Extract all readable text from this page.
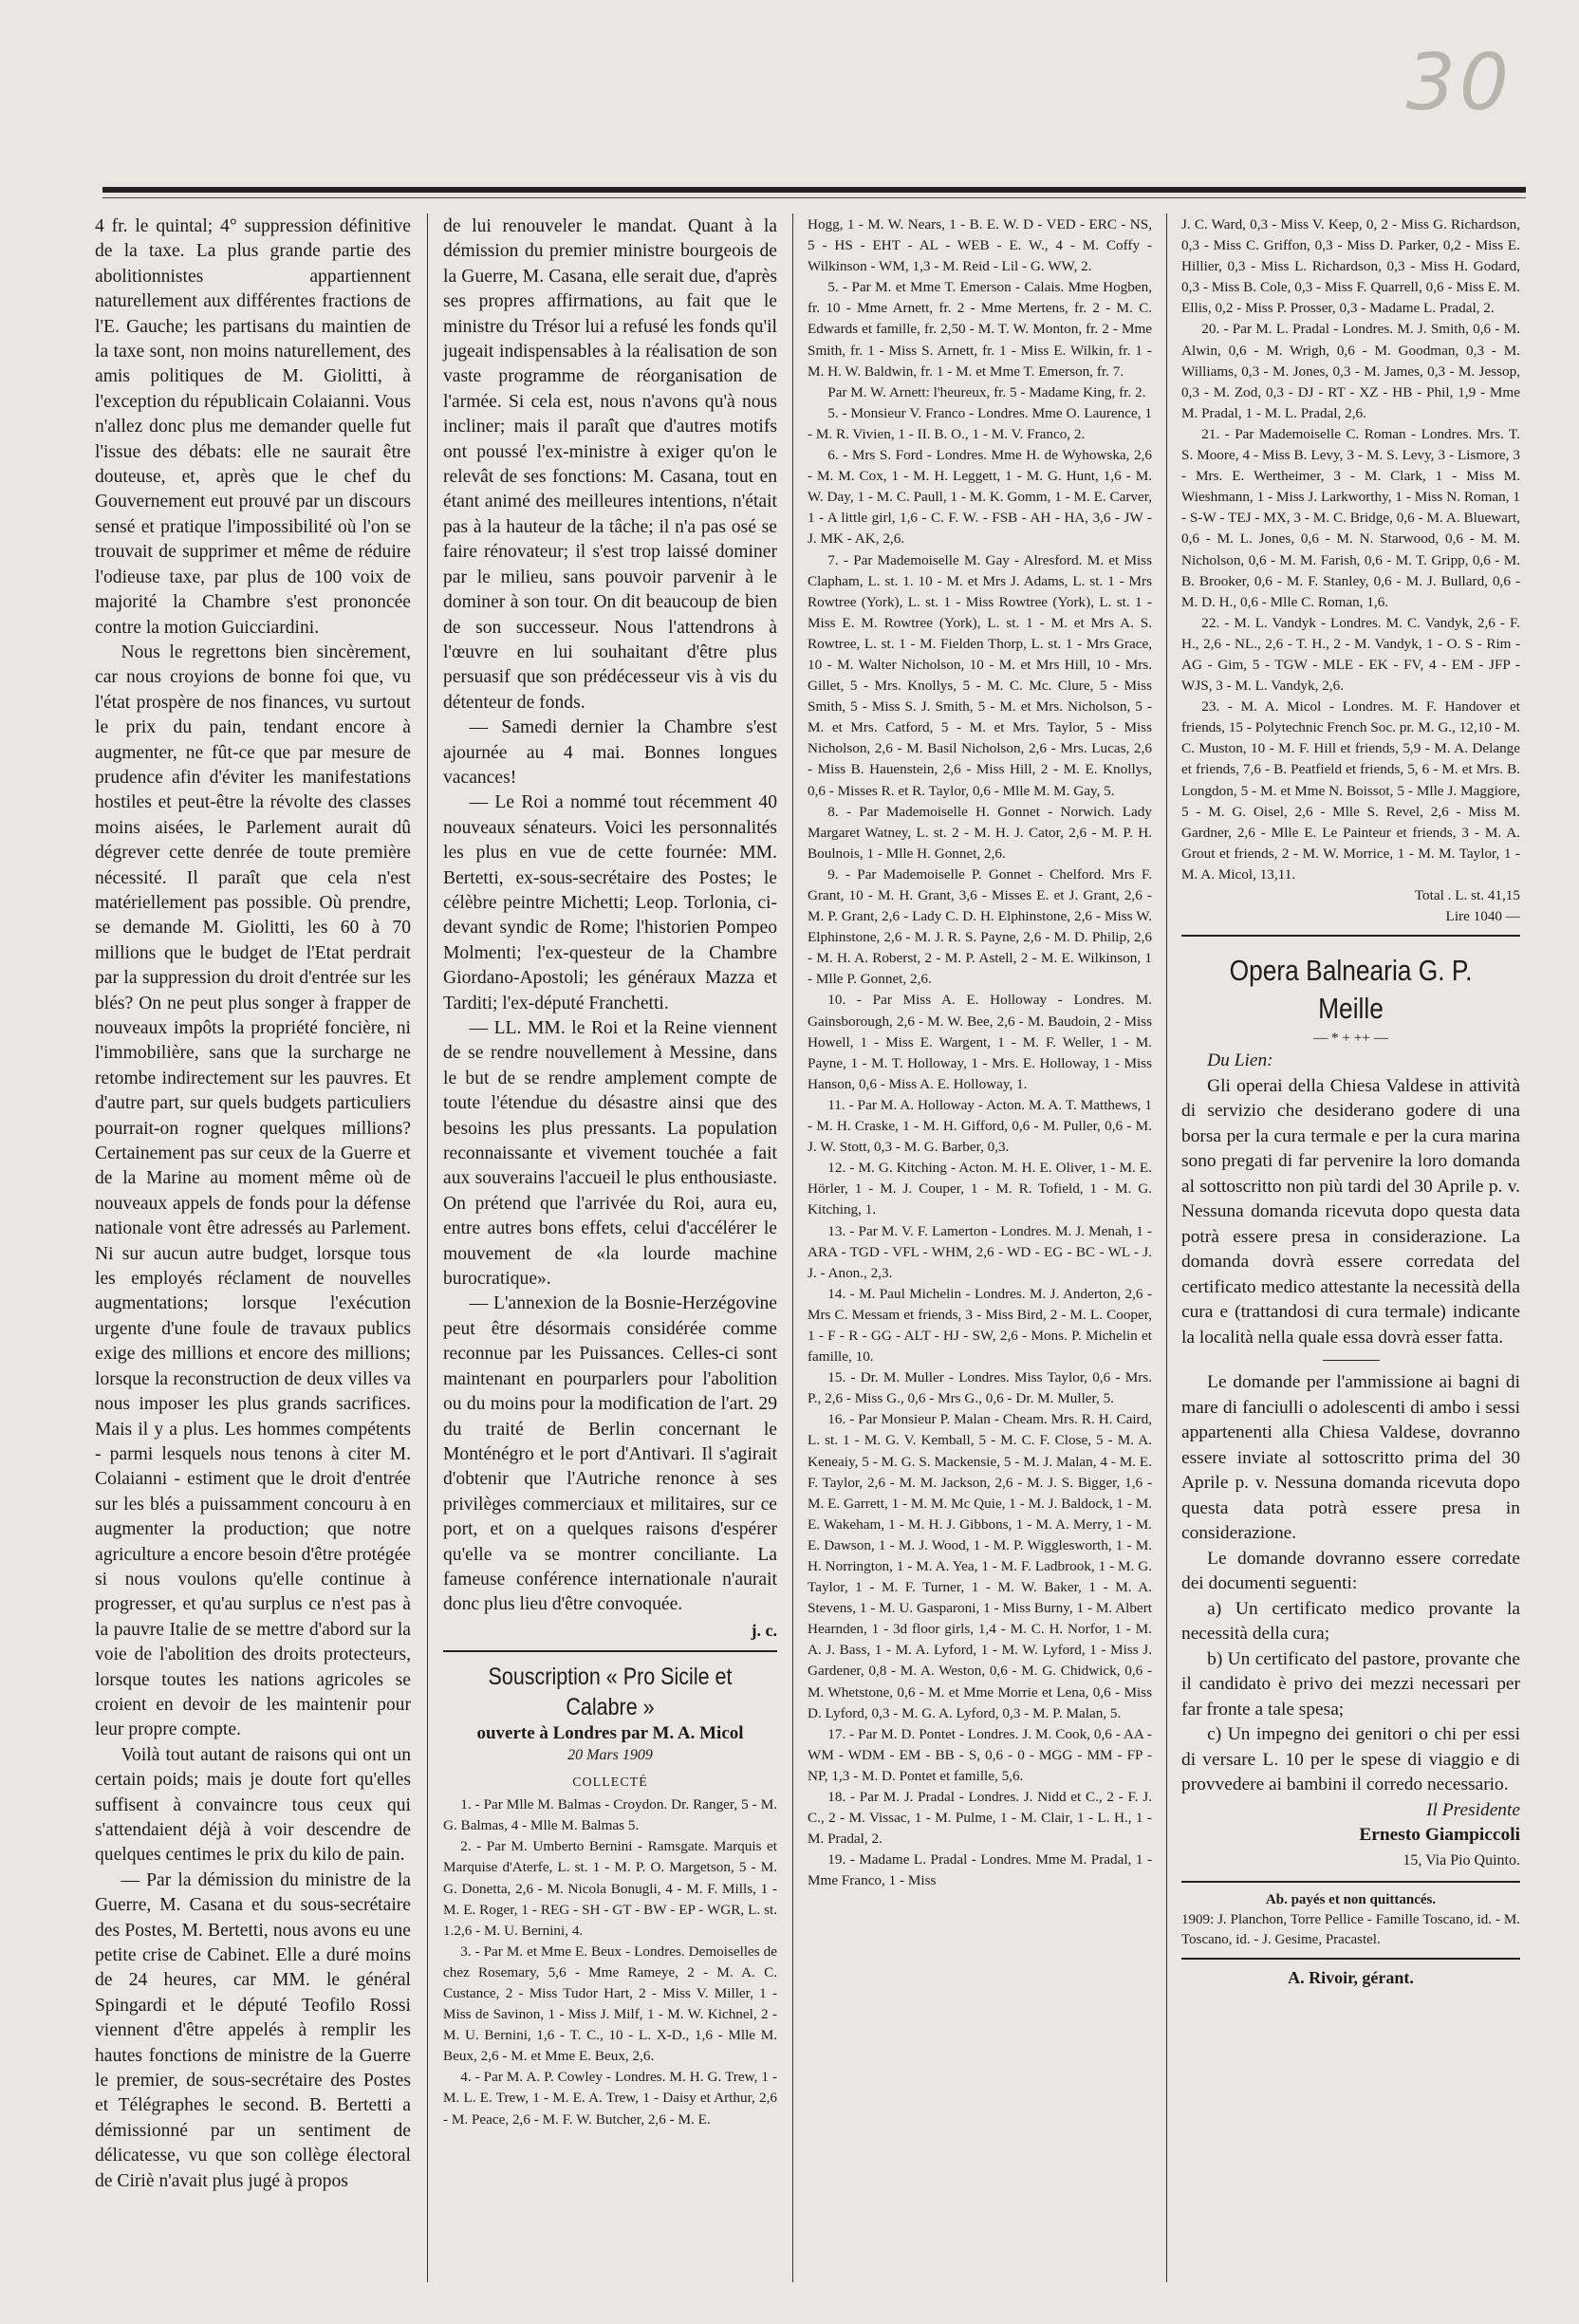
30

4 fr. le quintal; 4° suppression définitive de la taxe. La plus grande partie des abolitionnistes appartiennent naturellement aux différentes fractions de l'E. Gauche; les partisans du maintien de la taxe sont, non moins naturellement, des amis politiques de M. Giolitti, à l'exception du républicain Colaianni. Vous n'allez donc plus me demander quelle fut l'issue des débats: elle ne saurait être douteuse, et, après que le chef du Gouvernement eut prouvé par un discours sensé et pratique l'impossibilité où l'on se trouvait de supprimer et même de réduire l'odieuse taxe, par plus de 100 voix de majorité la Chambre s'est prononcée contre la motion Guicciardini.

Nous le regrettons bien sincèrement, car nous croyions de bonne foi que, vu l'état prospère de nos finances, vu surtout le prix du pain, tendant encore à augmenter, ne fût-ce que par mesure de prudence afin d'éviter les manifestations hostiles et peut-être la révolte des classes moins aisées, le Parlement aurait dû dégrever cette denrée de toute première nécessité. Il paraît que cela n'est matériellement pas possible. Où prendre, se demande M. Giolitti, les 60 à 70 millions que le budget de l'Etat perdrait par la suppression du droit d'entrée sur les blés? On ne peut plus songer à frapper de nouveaux impôts la propriété foncière, ni l'immobilière, sans que la surcharge ne retombe indirectement sur les pauvres. Et d'autre part, sur quels budgets particuliers pourrait-on rogner quelques millions? Certainement pas sur ceux de la Guerre et de la Marine au moment même où de nouveaux appels de fonds pour la défense nationale vont être adressés au Parlement. Ni sur aucun autre budget, lorsque tous les employés réclament de nouvelles augmentations; lorsque l'exécution urgente d'une foule de travaux publics exige des millions et encore des millions; lorsque la reconstruction de deux villes va nous imposer les plus grands sacrifices. Mais il y a plus. Les hommes compétents - parmi lesquels nous tenons à citer M. Colaianni - estiment que le droit d'entrée sur les blés a puissamment concouru à en augmenter la production; que notre agriculture a encore besoin d'être protégée si nous voulons qu'elle continue à progresser, et qu'au surplus ce n'est pas à la pauvre Italie de se mettre d'abord sur la voie de l'abolition des droits protecteurs, lorsque toutes les nations agricoles se croient en devoir de les maintenir pour leur propre compte.

Voilà tout autant de raisons qui ont un certain poids; mais je doute fort qu'elles suffisent à convaincre tous ceux qui s'attendaient déjà à voir descendre de quelques centimes le prix du kilo de pain.

— Par la démission du ministre de la Guerre, M. Casana et du sous-secrétaire des Postes, M. Bertetti, nous avons eu une petite crise de Cabinet. Elle a duré moins de 24 heures, car MM. le général Spingardi et le député Teofilo Rossi viennent d'être appelés à remplir les hautes fonctions de ministre de la Guerre le premier, de sous-secrétaire des Postes et Télégraphes le second. B. Bertetti a démissionné par un sentiment de délicatesse, vu que son collège électoral de Ciriè n'avait plus jugé à propos

de lui renouveler le mandat. Quant à la démission du premier ministre bourgeois de la Guerre, M. Casana, elle serait due, d'après ses propres affirmations, au fait que le ministre du Trésor lui a refusé les fonds qu'il jugeait indispensables à la réalisation de son vaste programme de réorganisation de l'armée. Si cela est, nous n'avons qu'à nous incliner; mais il paraît que d'autres motifs ont poussé l'ex-ministre à exiger qu'on le relevât de ses fonctions: M. Casana, tout en étant animé des meilleures intentions, n'était pas à la hauteur de la tâche; il n'a pas osé se faire rénovateur; il s'est trop laissé dominer par le milieu, sans pouvoir parvenir à le dominer à son tour. On dit beaucoup de bien de son successeur. Nous l'attendrons à l'œuvre en lui souhaitant d'être plus persuasif que son prédécesseur vis à vis du détenteur de fonds.

— Samedi dernier la Chambre s'est ajournée au 4 mai. Bonnes longues vacances!

— Le Roi a nommé tout récemment 40 nouveaux sénateurs. Voici les personnalités les plus en vue de cette fournée: MM. Bertetti, ex-sous-secrétaire des Postes; le célèbre peintre Michetti; Leop. Torlonia, ci-devant syndic de Rome; l'historien Pompeo Molmenti; l'ex-questeur de la Chambre Giordano-Apostoli; les généraux Mazza et Tarditi; l'ex-député Franchetti.

— LL. MM. le Roi et la Reine viennent de se rendre nouvellement à Messine, dans le but de se rendre amplement compte de toute l'étendue du désastre ainsi que des besoins les plus pressants. La population reconnaissante et vivement touchée a fait aux souverains l'accueil le plus enthousiaste. On prétend que l'arrivée du Roi, aura eu, entre autres bons effets, celui d'accélérer le mouvement de «la lourde machine burocratique».

— L'annexion de la Bosnie-Herzégovine peut être désormais considérée comme reconnue par les Puissances. Celles-ci sont maintenant en pourparlers pour l'abolition ou du moins pour la modification de l'art. 29 du traité de Berlin concernant le Monténégro et le port d'Antivari. Il s'agirait d'obtenir que l'Autriche renonce à ses privilèges commerciaux et militaires, sur ce port, et on a quelques raisons d'espérer qu'elle va se montrer conciliante. La fameuse conférence internationale n'aurait donc plus lieu d'être convoquée.

j. c.
Souscription « Pro Sicile et Calabre »
ouverte à Londres par M. A. Micol
20 Mars 1909
COLLECTÉ

1. - Par Mlle M. Balmas - Croydon. Dr. Ranger, 5 - M. G. Balmas, 4 - Mlle M. Balmas 5.

2. - Par M. Umberto Bernini - Ramsgate. Marquis et Marquise d'Aterfe, L. st. 1 - M. P. O. Margetson, 5 - M. G. Donetta, 2,6 - M. Nicola Bonugli, 4 - M. F. Mills, 1 - M. E. Roger, 1 - REG - SH - GT - BW - EP - WGR, L. st. 1.2,6 - M. U. Bernini, 4.

3. - Par M. et Mme E. Beux - Londres. Demoiselles de chez Rosemary, 5,6 - Mme Rameye, 2 - M. A. C. Custance, 2 - Miss Tudor Hart, 2 - Miss V. Miller, 1 - Miss de Savinon, 1 - Miss J. Milf, 1 - M. W. Kichnel, 2 - M. U. Bernini, 1,6 - T. C., 10 - L. X-D., 1,6 - Mlle M. Beux, 2,6 - M. et Mme E. Beux, 2,6.

4. - Par M. A. P. Cowley - Londres. M. H. G. Trew, 1 - M. L. E. Trew, 1 - M. E. A. Trew, 1 - Daisy et Arthur, 2,6 - M. Peace, 2,6 - M. F. W. Butcher, 2,6 - M. E.

Hogg, 1 - M. W. Nears, 1 - B. E. W. D - VED - ERC - NS, 5 - HS - EHT - AL - WEB - E. W., 4 - M. Coffy - Wilkinson - WM, 1,3 - M. Reid - Lil - G. WW, 2.

5. - Par M. et Mme T. Emerson - Calais. Mme Hogben, fr. 10 - Mme Arnett, fr. 2 - Mme Mertens, fr. 2 - M. C. Edwards et famille, fr. 2,50 - M. T. W. Monton, fr. 2 - Mme Smith, fr. 1 - Miss S. Arnett, fr. 1 - Miss E. Wilkin, fr. 1 - M. H. W. Baldwin, fr. 1 - M. et Mme T. Emerson, fr. 7.

Par M. W. Arnett: l'heureux, fr. 5 - Madame King, fr. 2.

5. - Monsieur V. Franco - Londres. Mme O. Laurence, 1 - M. R. Vivien, 1 - II. B. O., 1 - M. V. Franco, 2.

6. - Mrs S. Ford - Londres. Mme H. de Wyhowska, 2,6 - M. M. Cox, 1 - M. H. Leggett, 1 - M. G. Hunt, 1,6 - M. W. Day, 1 - M. C. Paull, 1 - M. K. Gomm, 1 - M. E. Carver, 1 - A little girl, 1,6 - C. F. W. - FSB - AH - HA, 3,6 - JW - J. MK - AK, 2,6.

7. - Par Mademoiselle M. Gay - Alresford. M. et Miss Clapham, L. st. 1. 10 - M. et Mrs J. Adams, L. st. 1 - Mrs Rowtree (York), L. st. 1 - Miss Rowtree (York), L. st. 1 - Miss E. M. Rowtree (York), L. st. 1 - M. et Mrs A. S. Rowtree, L. st. 1 - M. Fielden Thorp, L. st. 1 - Mrs Grace, 10 - M. Walter Nicholson, 10 - M. et Mrs Hill, 10 - Mrs. Gillet, 5 - Mrs. Knollys, 5 - M. C. Mc. Clure, 5 - Miss Smith, 5 - Miss S. J. Smith, 5 - M. et Mrs. Nicholson, 5 - M. et Mrs. Catford, 5 - M. et Mrs. Taylor, 5 - Miss Nicholson, 2,6 - M. Basil Nicholson, 2,6 - Mrs. Lucas, 2,6 - Miss B. Hauenstein, 2,6 - Miss Hill, 2 - M. E. Knollys, 0,6 - Misses R. et R. Taylor, 0,6 - Mlle M. M. Gay, 5.

8. - Par Mademoiselle H. Gonnet - Norwich. Lady Margaret Watney, L. st. 2 - M. H. J. Cator, 2,6 - M. P. H. Boulnois, 1 - Mlle H. Gonnet, 2,6.

9. - Par Mademoiselle P. Gonnet - Chelford. Mrs F. Grant, 10 - M. H. Grant, 3,6 - Misses E. et J. Grant, 2,6 - M. P. Grant, 2,6 - Lady C. D. H. Elphinstone, 2,6 - Miss W. Elphinstone, 2,6 - M. J. R. S. Payne, 2,6 - M. D. Philip, 2,6 - M. H. A. Roberst, 2 - M. P. Astell, 2 - M. E. Wilkinson, 1 - Mlle P. Gonnet, 2,6.

10. - Par Miss A. E. Holloway - Londres. M. Gainsborough, 2,6 - M. W. Bee, 2,6 - M. Baudoin, 2 - Miss Howell, 1 - Miss E. Wargent, 1 - M. F. Weller, 1 - M. Payne, 1 - M. T. Holloway, 1 - Mrs. E. Holloway, 1 - Miss Hanson, 0,6 - Miss A. E. Holloway, 1.

11. - Par M. A. Holloway - Acton. M. A. T. Matthews, 1 - M. H. Craske, 1 - M. H. Gifford, 0,6 - M. Puller, 0,6 - M. J. W. Stott, 0,3 - M. G. Barber, 0,3.

12. - M. G. Kitching - Acton. M. H. E. Oliver, 1 - M. E. Hörler, 1 - M. J. Couper, 1 - M. R. Tofield, 1 - M. G. Kitching, 1.

13. - Par M. V. F. Lamerton - Londres. M. J. Menah, 1 - ARA - TGD - VFL - WHM, 2,6 - WD - EG - BC - WL - J. J. - Anon., 2,3.

14. - M. Paul Michelin - Londres. M. J. Anderton, 2,6 - Mrs C. Messam et friends, 3 - Miss Bird, 2 - M. L. Cooper, 1 - F - R - GG - ALT - HJ - SW, 2,6 - Mons. P. Michelin et famille, 10.

15. - Dr. M. Muller - Londres. Miss Taylor, 0,6 - Mrs. P., 2,6 - Miss G., 0,6 - Mrs G., 0,6 - Dr. M. Muller, 5.

16. - Par Monsieur P. Malan - Cheam. Mrs. R. H. Caird, L. st. 1 - M. G. V. Kemball, 5 - M. C. F. Close, 5 - M. A. Keneaiy, 5 - M. G. S. Mackensie, 5 - M. J. Malan, 4 - M. E. F. Taylor, 2,6 - M. M. Jackson, 2,6 - M. J. S. Bigger, 1,6 - M. E. Garrett, 1 - M. M. Mc Quie, 1 - M. J. Baldock, 1 - M. E. Wakeham, 1 - M. H. J. Gibbons, 1 - M. A. Merry, 1 - M. E. Dawson, 1 - M. J. Wood, 1 - M. P. Wigglesworth, 1 - M. H. Norrington, 1 - M. A. Yea, 1 - M. F. Ladbrook, 1 - M. G. Taylor, 1 - M. F. Turner, 1 - M. W. Baker, 1 - M. A. Stevens, 1 - M. U. Gasparoni, 1 - Miss Burny, 1 - M. Albert Hearnden, 1 - 3d floor girls, 1,4 - M. C. H. Norfor, 1 - M. A. J. Bass, 1 - M. A. Lyford, 1 - M. W. Lyford, 1 - Miss J. Gardener, 0,8 - M. A. Weston, 0,6 - M. G. Chidwick, 0,6 - M. Whetstone, 0,6 - M. et Mme Morrie et Lena, 0,6 - Miss D. Lyford, 0,3 - M. G. A. Lyford, 0,3 - M. P. Malan, 5.

17. - Par M. D. Pontet - Londres. J. M. Cook, 0,6 - AA - WM - WDM - EM - BB - S, 0,6 - 0 - MGG - MM - FP - NP, 1,3 - M. D. Pontet et famille, 5,6.

18. - Par M. J. Pradal - Londres. J. Nidd et C., 2 - F. J. C., 2 - M. Vissac, 1 - M. Pulme, 1 - M. Clair, 1 - L. H., 1 - M. Pradal, 2.

19. - Madame L. Pradal - Londres. Mme M. Pradal, 1 - Mme Franco, 1 - Miss

J. C. Ward, 0,3 - Miss V. Keep, 0, 2 - Miss G. Richardson, 0,3 - Miss C. Griffon, 0,3 - Miss D. Parker, 0,2 - Miss E. Hillier, 0,3 - Miss L. Richardson, 0,3 - Miss H. Godard, 0,3 - Miss B. Cole, 0,3 - Miss F. Quarrell, 0,6 - Miss E. M. Ellis, 0,2 - Miss P. Prosser, 0,3 - Madame L. Pradal, 2.

20. - Par M. L. Pradal - Londres. M. J. Smith, 0,6 - M. Alwin, 0,6 - M. Wrigh, 0,6 - M. Goodman, 0,3 - M. Williams, 0,3 - M. Jones, 0,3 - M. James, 0,3 - M. Jessop, 0,3 - M. Zod, 0,3 - DJ - RT - XZ - HB - Phil, 1,9 - Mme M. Pradal, 1 - M. L. Pradal, 2,6.

21. - Par Mademoiselle C. Roman - Londres. Mrs. T. S. Moore, 4 - Miss B. Levy, 3 - M. S. Levy, 3 - Lismore, 3 - Mrs. E. Wertheimer, 3 - M. Clark, 1 - Miss M. Wieshmann, 1 - Miss J. Larkworthy, 1 - Miss N. Roman, 1 - S-W - TEJ - MX, 3 - M. C. Bridge, 0,6 - M. A. Bluewart, 0,6 - M. L. Jones, 0,6 - M. N. Starwood, 0,6 - M. M. Nicholson, 0,6 - M. M. Farish, 0,6 - M. T. Gripp, 0,6 - M. B. Brooker, 0,6 - M. F. Stanley, 0,6 - M. J. Bullard, 0,6 - M. D. H., 0,6 - Mlle C. Roman, 1,6.

22. - M. L. Vandyk - Londres. M. C. Vandyk, 2,6 - F. H., 2,6 - NL., 2,6 - T. H., 2 - M. Vandyk, 1 - O. S - Rim - AG - Gim, 5 - TGW - MLE - EK - FV, 4 - EM - JFP - WJS, 3 - M. L. Vandyk, 2,6.

23. - M. A. Micol - Londres. M. F. Handover et friends, 15 - Polytechnic French Soc. pr. M. G., 12,10 - M. C. Muston, 10 - M. F. Hill et friends, 5,9 - M. A. Delange et friends, 7,6 - B. Peatfield et friends, 5, 6 - M. et Mrs. B. Longdon, 5 - M. et Mme N. Boissot, 5 - Mlle J. Maggiore, 5 - M. G. Oisel, 2,6 - Mlle S. Revel, 2,6 - Miss M. Gardner, 2,6 - Mlle E. Le Painteur et friends, 3 - M. A. Grout et friends, 2 - M. W. Morrice, 1 - M. M. Taylor, 1 - M. A. Micol, 13,11.

Total . L. st. 41,15
Lire 1040 —
Opera Balnearia G. P. Meille
— * + ++ —

Du Lien:

Gli operai della Chiesa Valdese in attività di servizio che desiderano godere di una borsa per la cura termale e per la cura marina sono pregati di far pervenire la loro domanda al sottoscritto non più tardi del 30 Aprile p. v. Nessuna domanda ricevuta dopo questa data potrà essere presa in considerazione. La domanda dovrà essere corredata del certificato medico attestante la necessità della cura e (trattandosi di cura termale) indicante la località nella quale essa dovrà esser fatta.

Le domande per l'ammissione ai bagni di mare di fanciulli o adolescenti di ambo i sessi appartenenti alla Chiesa Valdese, dovranno essere inviate al sottoscritto prima del 30 Aprile p. v. Nessuna domanda ricevuta dopo questa data potrà essere presa in considerazione.

Le domande dovranno essere corredate dei documenti seguenti:

a) Un certificato medico provante la necessità della cura;

b) Un certificato del pastore, provante che il candidato è privo dei mezzi necessari per far fronte a tale spesa;

c) Un impegno dei genitori o chi per essi di versare L. 10 per le spese di viaggio e di provvedere ai bambini il corredo necessario.

Il Presidente
Ernesto Giampiccoli
15, Via Pio Quinto.
Ab. payés et non quittancés.
1909: J. Planchon, Torre Pellice - Famille Toscano, id. - M. Toscano, id. - J. Gesime, Pracastel.
A. Rivoir, gérant.
